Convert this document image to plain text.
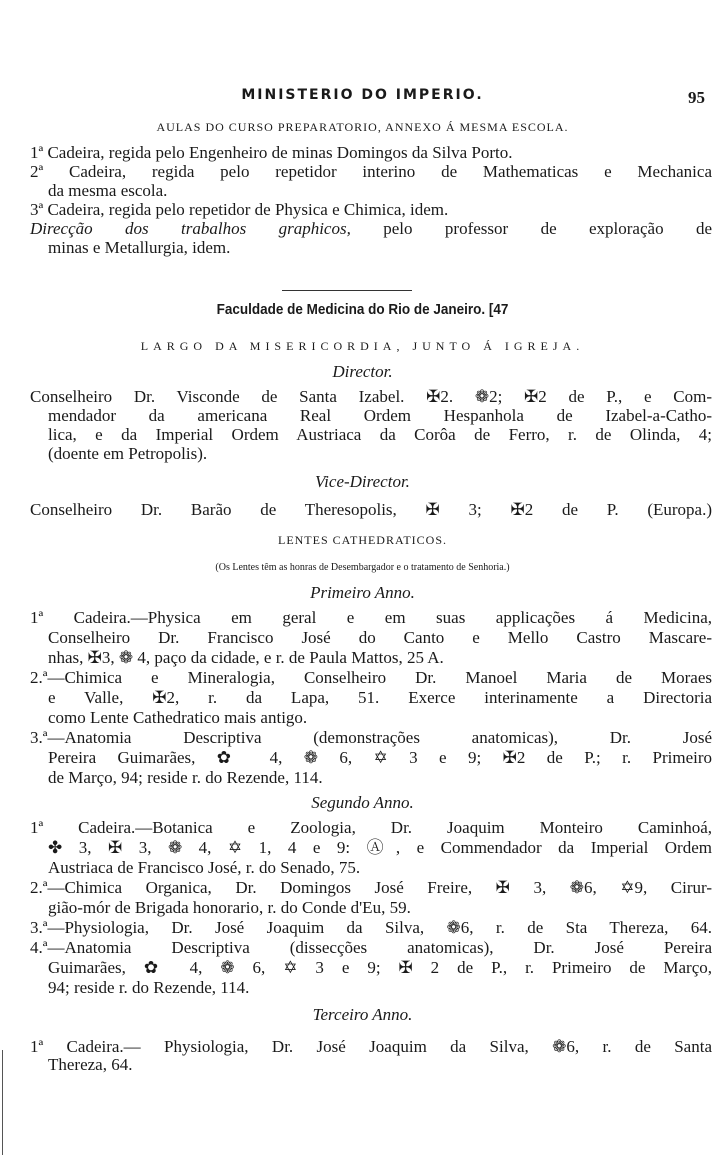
95
MINISTERIO DO IMPERIO.
AULAS DO CURSO PREPARATORIO, ANNEXO Á MESMA ESCOLA.
1ª Cadeira, regida pelo Engenheiro de minas Domingos da Silva Porto.
2ª Cadeira, regida pelo repetidor interino de Mathematicas e Mechanica
da mesma escola.
3ª Cadeira, regida pelo repetidor de Physica e Chimica, idem.
minas e Metallurgia, idem.
Faculdade de Medicina do Rio de Janeiro. [47
LARGO DA MISERICORDIA, JUNTO Á IGREJA.
Director.
Conselheiro Dr. Visconde de Santa Izabel. ✠2. ❁2; ✠2 de P., e Com-
mendador da americana Real Ordem Hespanhola de Izabel-a-Catho-
lica, e da Imperial Ordem Austriaca da Corôa de Ferro, r. de Olinda, 4;
(doente em Petropolis).
Vice-Director.
Conselheiro Dr. Barão de Theresopolis, ✠ 3; ✠2 de P. (Europa.)
LENTES CATHEDRATICOS.
(Os Lentes têm as honras de Desembargador e o tratamento de Senhoria.)
Primeiro Anno.
Terceiro Anno.
Segundo Anno.
1ª Cadeira.—Physica em geral e em suas applicações á Medicina,
Conselheiro Dr. Francisco José do Canto e Mello Castro Mascare-
nhas, ✠3, ❁ 4, paço da cidade, e r. de Paula Mattos, 25 A.
2.ª—Chimica e Mineralogia, Conselheiro Dr. Manoel Maria de Moraes
e Valle, ✠2, r. da Lapa, 51. Exerce interinamente a Directoria
como Lente Cathedratico mais antigo.
3.ª—Anatomia Descriptiva (demonstrações anatomicas), Dr. José
Pereira Guimarães, ✿ 4, ❁ 6, ✡ 3 e 9; ✠2 de P.; r. Primeiro
de Março, 94; reside r. do Rezende, 114.
1ª Cadeira.—Botanica e Zoologia, Dr. Joaquim Monteiro Caminhoá,
✤ 3, ✠ 3, ❁ 4, ✡ 1, 4 e 9: Ⓐ, e Commendador da Imperial Ordem
Austriaca de Francisco José, r. do Senado, 75.
2.ª—Chimica Organica, Dr. Domingos José Freire, ✠ 3, ❁6, ✡9, Cirur-
gião-mór de Brigada honorario, r. do Conde d'Eu, 59.
3.ª—Physiologia, Dr. José Joaquim da Silva, ❁6, r. de Sta Thereza, 64.
4.ª—Anatomia Descriptiva (dissecções anatomicas), Dr. José Pereira
Guimarães, ✿ 4, ❁ 6, ✡ 3 e 9; ✠ 2 de P., r. Primeiro de Março,
94; reside r. do Rezende, 114.
1ª Cadeira.— Physiologia, Dr. José Joaquim da Silva, ❁6, r. de Santa
Thereza, 64.
Direcção dos trabalhos graphicos, pelo professor de exploração de
